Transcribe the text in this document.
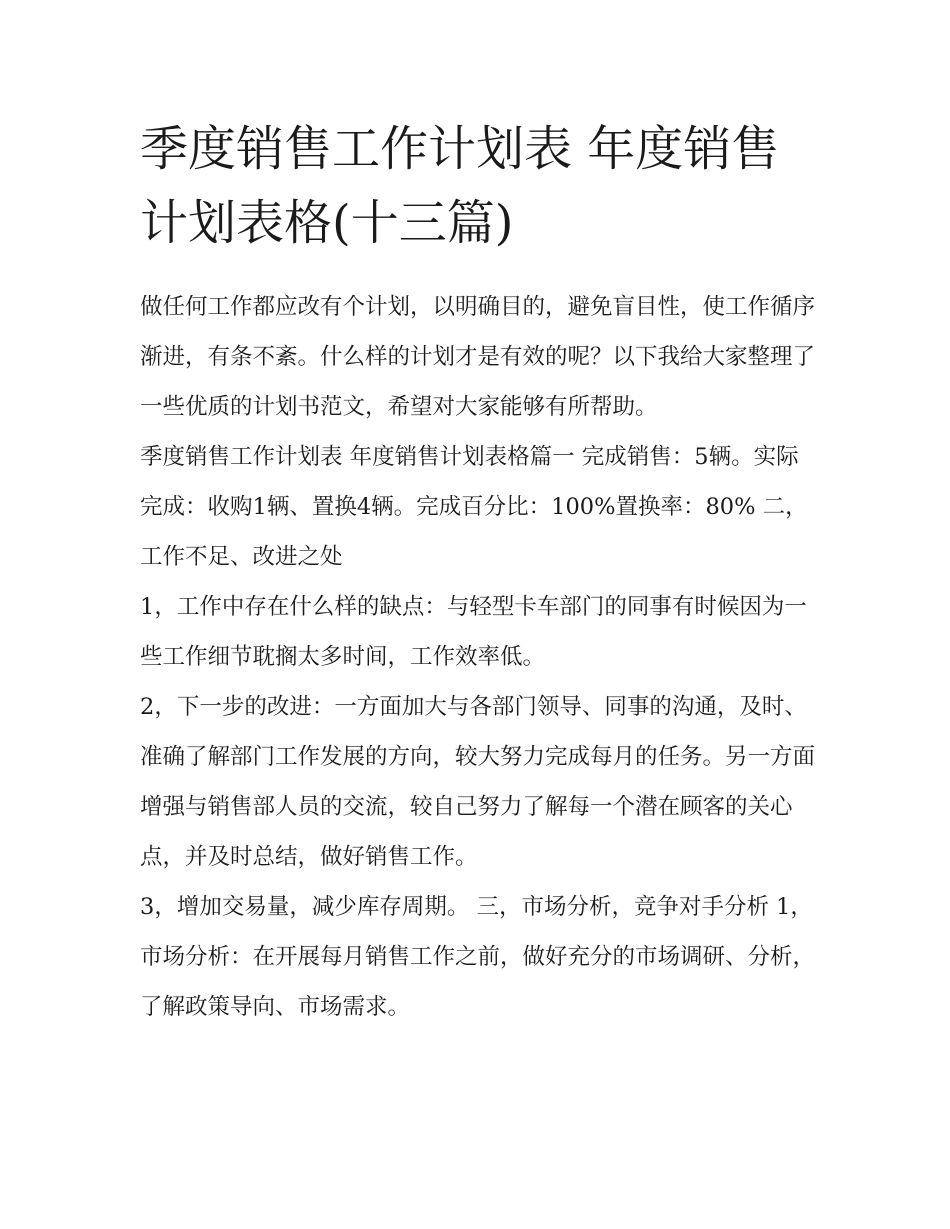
季度销售工作计划表 年度销售计划表格(十三篇)

做任何工作都应改有个计划，以明确目的，避免盲目性，使工作循序渐进，有条不紊。什么样的计划才是有效的呢？以下我给大家整理了一些优质的计划书范文，希望对大家能够有所帮助。

季度销售工作计划表 年度销售计划表格篇一 完成销售：5辆。实际完成：收购1辆、置换4辆。完成百分比：100%置换率：80% 二，工作不足、改进之处

1，工作中存在什么样的缺点：与轻型卡车部门的同事有时候因为一些工作细节耽搁太多时间，工作效率低。

2，下一步的改进：一方面加大与各部门领导、同事的沟通，及时、准确了解部门工作发展的方向，较大努力完成每月的任务。另一方面增强与销售部人员的交流，较自己努力了解每一个潜在顾客的关心点，并及时总结，做好销售工作。

3，增加交易量，减少库存周期。 三，市场分析，竞争对手分析 1，市场分析：在开展每月销售工作之前，做好充分的市场调研、分析，了解政策导向、市场需求。
